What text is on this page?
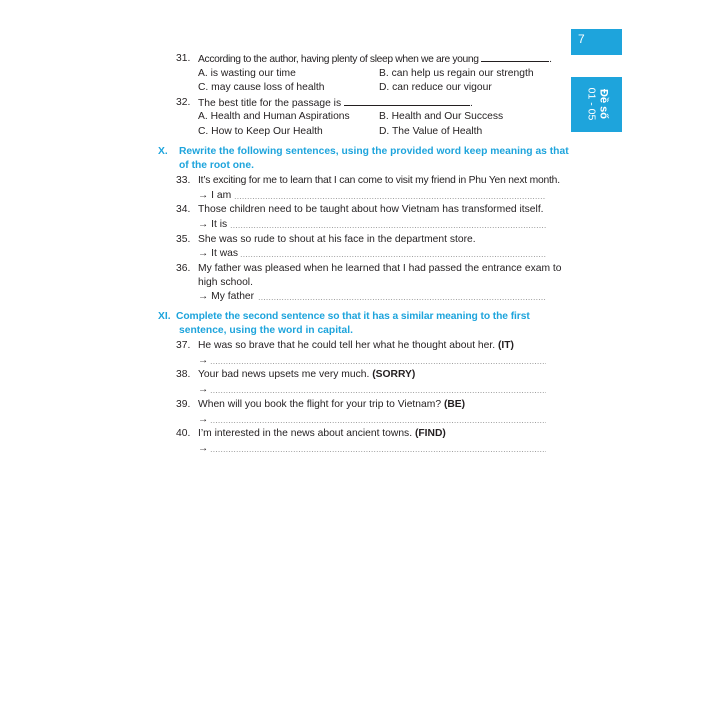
7
Đề số
01 - 05
31. According to the author, having plenty of sleep when we are young	.
A. is wasting our time	B. can help us regain our strength
C. may cause loss of health	D. can reduce our vigour
32. The best title for the passage is	.
A. Health and Human Aspirations	B. Health and Our Success
C. How to Keep Our Health	D. The Value of Health
X. Rewrite the following sentences, using the provided word keep meaning as that
of the root one.
33. It’s exciting for me to learn that I can come to visit my friend in Phu Yen next month.
→ I am
34. Those children need to be taught about how Vietnam has transformed itself.
→ It is
35. She was so rude to shout at his face in the department store.
→ It was
36. My father was pleased when he learned that I had passed the entrance exam to
high school.
→ My father
XI. Complete the second sentence so that it has a similar meaning to the first
sentence, using the word in capital.
37. He was so brave that he could tell her what he thought about her. (IT)
→
38. Your bad news upsets me very much. (SORRY)
→
39. When will you book the flight for your trip to Vietnam? (BE)
→
40. I’m interested in the news about ancient towns. (FIND)
→
